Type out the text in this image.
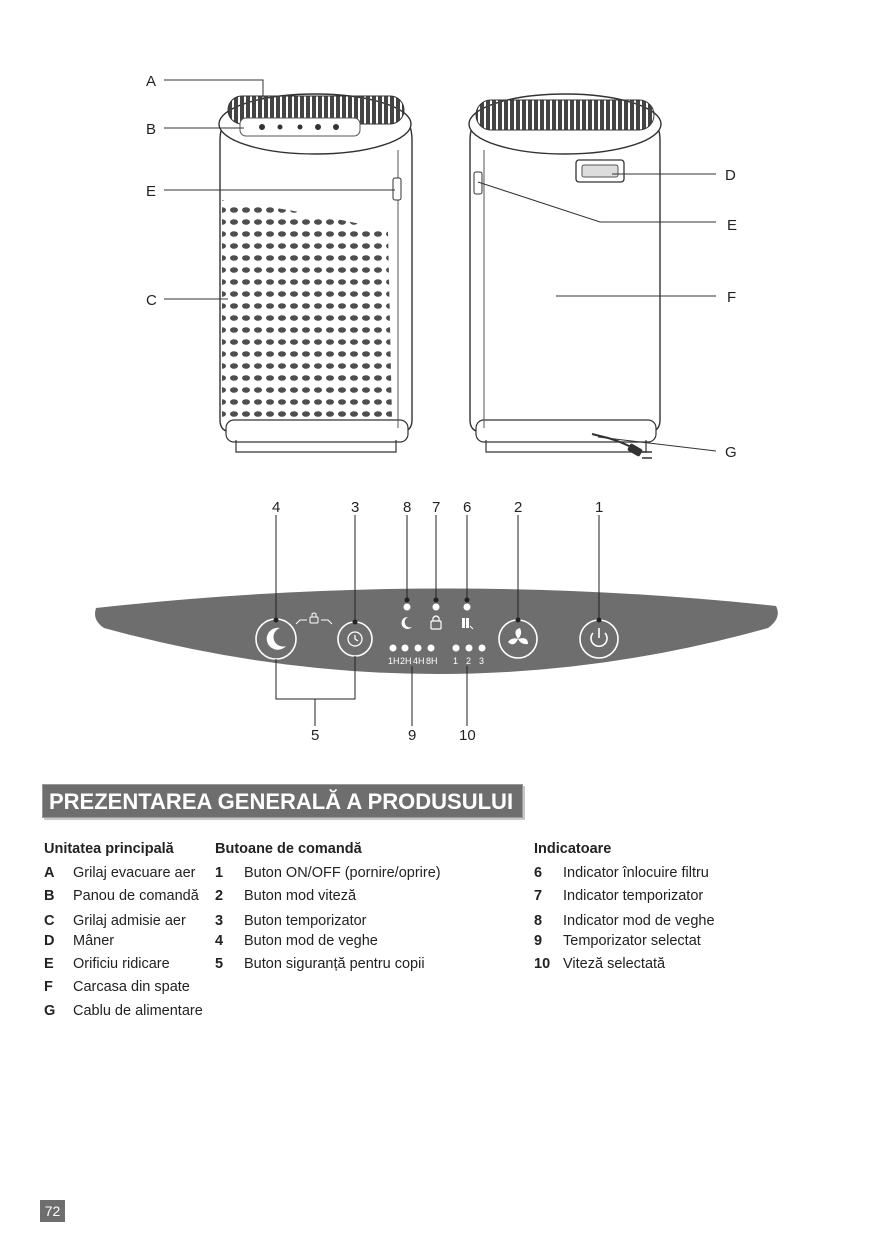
A
B
E
C
D
E
F
G
3" ↓
1H 2H 4H 8H 1 2 3
4	3	8 7 6	2	1
5	9	10
PREZENTAREA GENERALĂ A PRODUSULUI
Unitatea principală
A	Grilaj evacuare aer
B	Panou de comandă
C	Grilaj admisie aer
D	Mâner
E	Orificiu ridicare
F	Carcasa din spate
G	Cablu de alimentare
Butoane de comandă
1	Buton ON/OFF (pornire/oprire)
2	Buton mod viteză
3	Buton temporizator
4	Buton mod de veghe
5	Buton siguranță pentru copii
Indicatoare
6	Indicator înlocuire filtru
7	Indicator temporizator
8	Indicator mod de veghe
9	Temporizator selectat
10 Viteză selectată
72
